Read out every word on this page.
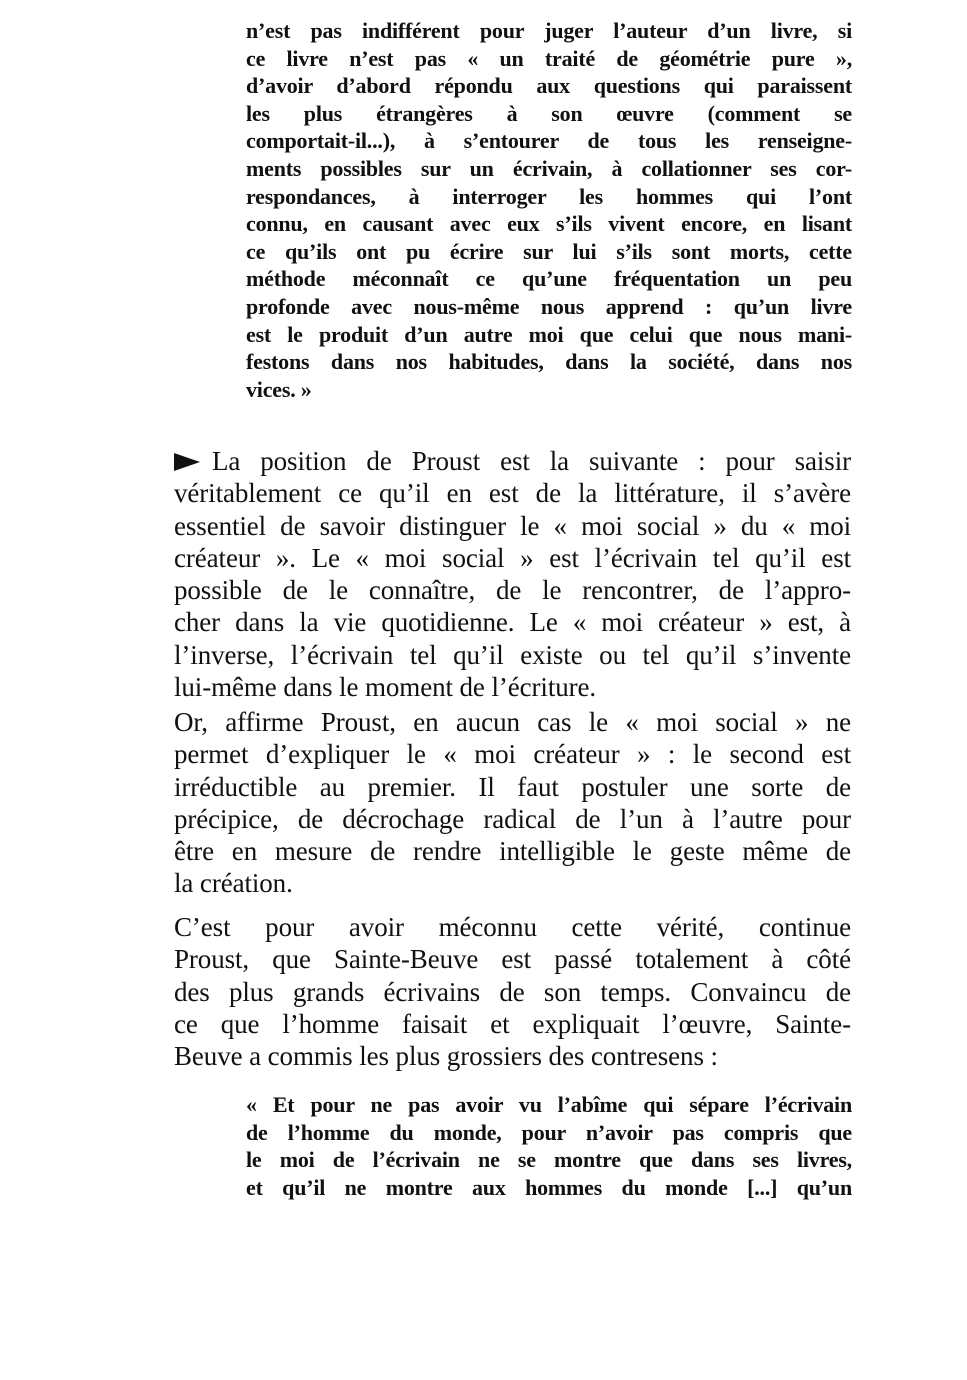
n’est pas indifférent pour juger l’auteur d’un livre, si
ce livre n’est pas « un traité de géométrie pure »,
d’avoir d’abord répondu aux questions qui paraissent
les plus étrangères à son œuvre (comment se
comportait-il...), à s’entourer de tous les renseigne-
ments possibles sur un écrivain, à collationner ses cor-
respondances, à interroger les hommes qui l’ont
connu, en causant avec eux s’ils vivent encore, en lisant
ce qu’ils ont pu écrire sur lui s’ils sont morts, cette
méthode méconnaît ce qu’une fréquentation un peu
profonde avec nous-même nous apprend : qu’un livre
est le produit d’un autre moi que celui que nous mani-
festons dans nos habitudes, dans la société, dans nos
vices. »
La position de Proust est la suivante : pour saisir
véritablement ce qu’il en est de la littérature, il s’avère
essentiel de savoir distinguer le « moi social » du « moi
créateur ». Le « moi social » est l’écrivain tel qu’il est
possible de le connaître, de le rencontrer, de l’appro-
cher dans la vie quotidienne. Le « moi créateur » est, à
l’inverse, l’écrivain tel qu’il existe ou tel qu’il s’invente
lui-même dans le moment de l’écriture.
Or, affirme Proust, en aucun cas le « moi social » ne
permet d’expliquer le « moi créateur » : le second est
irréductible au premier. Il faut postuler une sorte de
précipice, de décrochage radical de l’un à l’autre pour
être en mesure de rendre intelligible le geste même de
la création.
C’est pour avoir méconnu cette vérité, continue
Proust, que Sainte-Beuve est passé totalement à côté
des plus grands écrivains de son temps. Convaincu de
ce que l’homme faisait et expliquait l’œuvre, Sainte-
Beuve a commis les plus grossiers des contresens :
« Et pour ne pas avoir vu l’abîme qui sépare l’écrivain
de l’homme du monde, pour n’avoir pas compris que
le moi de l’écrivain ne se montre que dans ses livres,
et qu’il ne montre aux hommes du monde [...] qu’un
